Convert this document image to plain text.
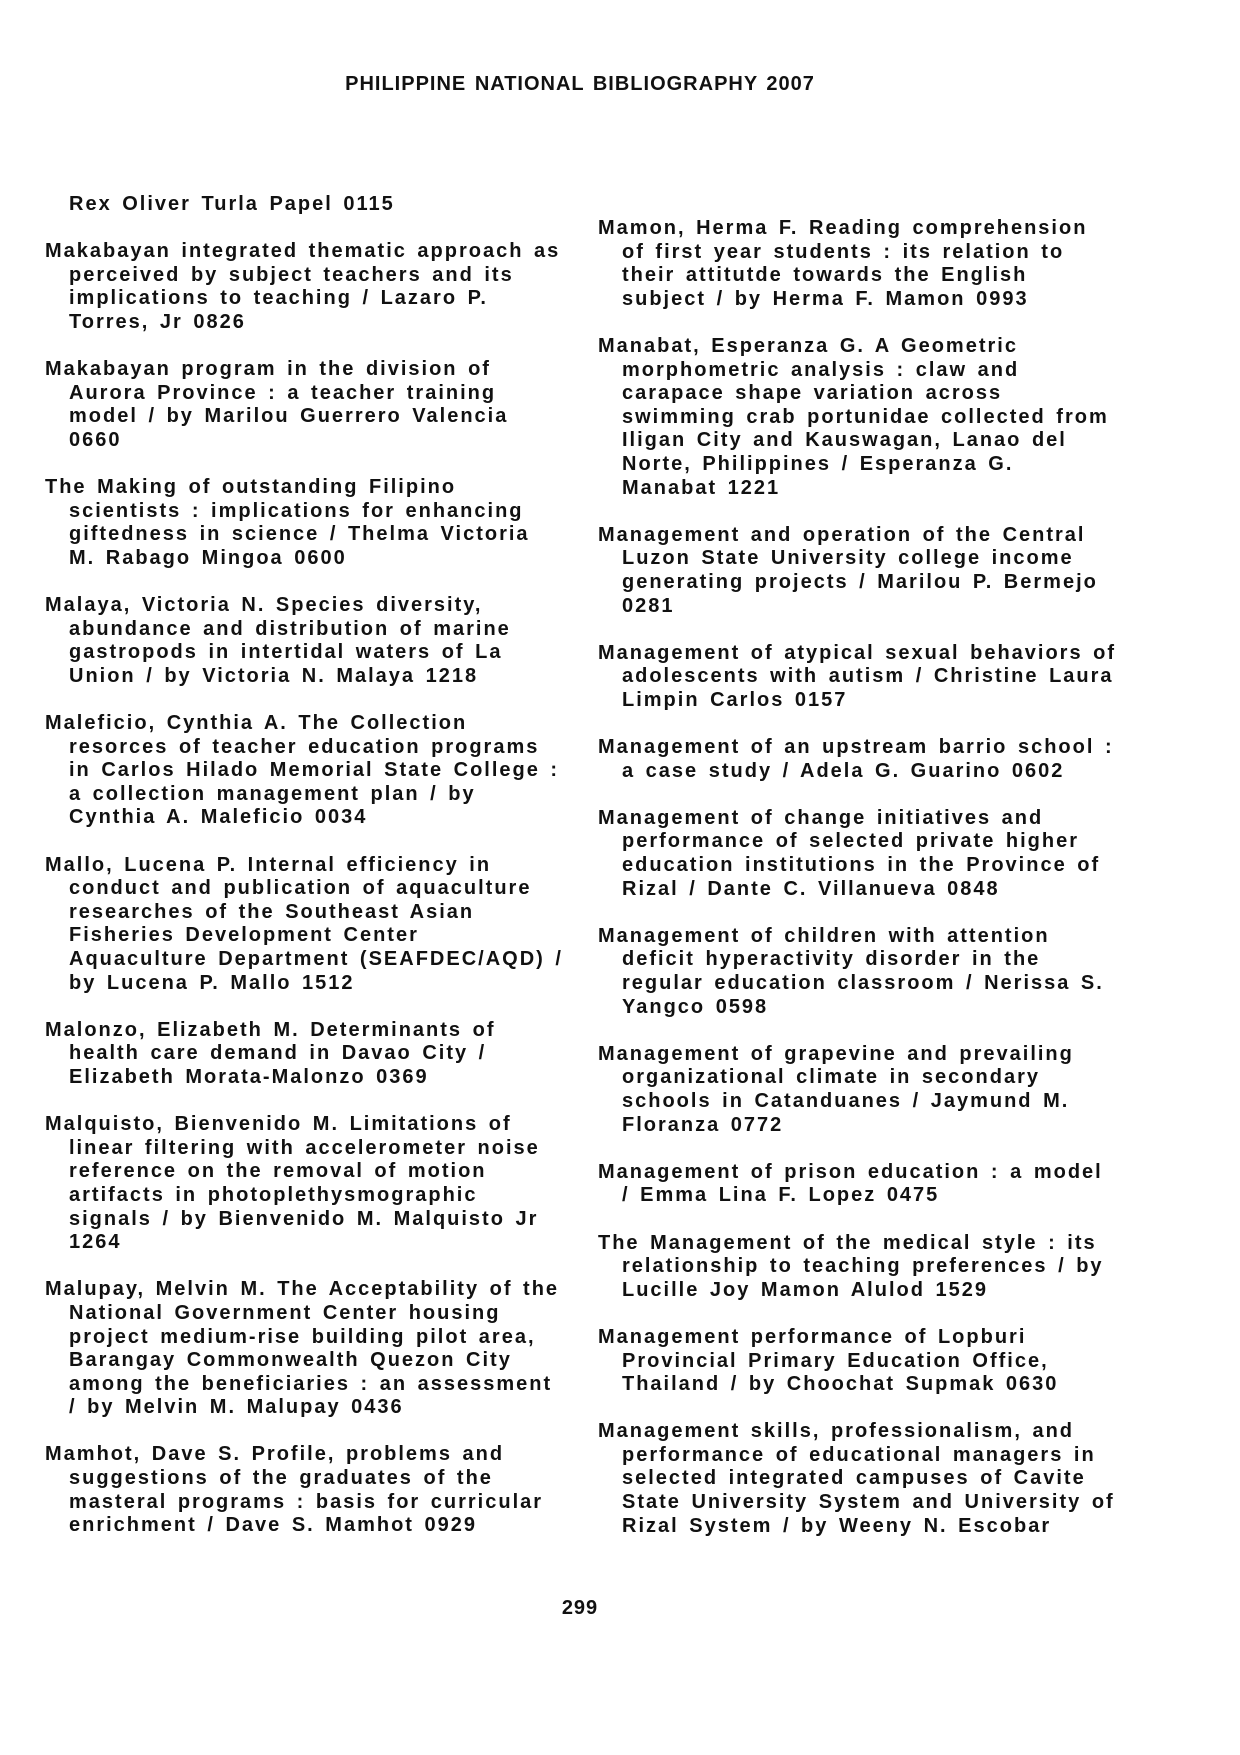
PHILIPPINE NATIONAL BIBLIOGRAPHY 2007

Rex Oliver Turla Papel 0115

Makabayan integrated thematic approach as perceived by subject teachers and its implications to teaching / Lazaro P. Torres, Jr 0826

Makabayan program in the division of Aurora Province : a teacher training model / by Marilou Guerrero Valencia 0660

The Making of outstanding Filipino scientists : implications for enhancing giftedness in science / Thelma Victoria M. Rabago Mingoa 0600

Malaya, Victoria N. Species diversity, abundance and distribution of marine gastropods in intertidal waters of La Union / by Victoria N. Malaya 1218

Maleficio, Cynthia A. The Collection resorces of teacher education programs in Carlos Hilado Memorial State College : a collection management plan / by Cynthia A. Maleficio 0034

Mallo, Lucena P. Internal efficiency in conduct and publication of aquaculture researches of the Southeast Asian Fisheries Development Center Aquaculture Department (SEAFDEC/AQD) / by Lucena P. Mallo 1512

Malonzo, Elizabeth M. Determinants of health care demand in Davao City / Elizabeth Morata-Malonzo 0369

Malquisto, Bienvenido M. Limitations of linear filtering with accelerometer noise reference on the removal of motion artifacts in photoplethysmographic signals / by Bienvenido M. Malquisto Jr 1264

Malupay, Melvin M. The Acceptability of the National Government Center housing project medium-rise building pilot area, Barangay Commonwealth Quezon City among the beneficiaries : an assessment / by Melvin M. Malupay 0436

Mamhot, Dave S. Profile, problems and suggestions of the graduates of the masteral programs : basis for curricular enrichment / Dave S. Mamhot 0929

Mamon, Herma F. Reading comprehension of first year students : its relation to their attitutde towards the English subject / by Herma F. Mamon 0993

Manabat, Esperanza G. A Geometric morphometric analysis : claw and carapace shape variation across swimming crab portunidae collected from Iligan City and Kauswagan, Lanao del Norte, Philippines / Esperanza G. Manabat 1221

Management and operation of the Central Luzon State University college income generating projects / Marilou P. Bermejo 0281

Management of atypical sexual behaviors of adolescents with autism / Christine Laura Limpin Carlos 0157

Management of an upstream barrio school : a case study / Adela G. Guarino 0602

Management of change initiatives and performance of selected private higher education institutions in the Province of Rizal / Dante C. Villanueva 0848

Management of children with attention deficit hyperactivity disorder in the regular education classroom / Nerissa S. Yangco 0598

Management of grapevine and prevailing organizational climate in secondary schools in Catanduanes / Jaymund M. Floranza 0772

Management of prison education : a model / Emma Lina F. Lopez 0475

The Management of the medical style : its relationship to teaching preferences / by Lucille Joy Mamon Alulod 1529

Management performance of Lopburi Provincial Primary Education Office, Thailand / by Choochat Supmak 0630

Management skills, professionalism, and performance of educational managers in selected integrated campuses of Cavite State University System and University of Rizal System / by Weeny N. Escobar

299
